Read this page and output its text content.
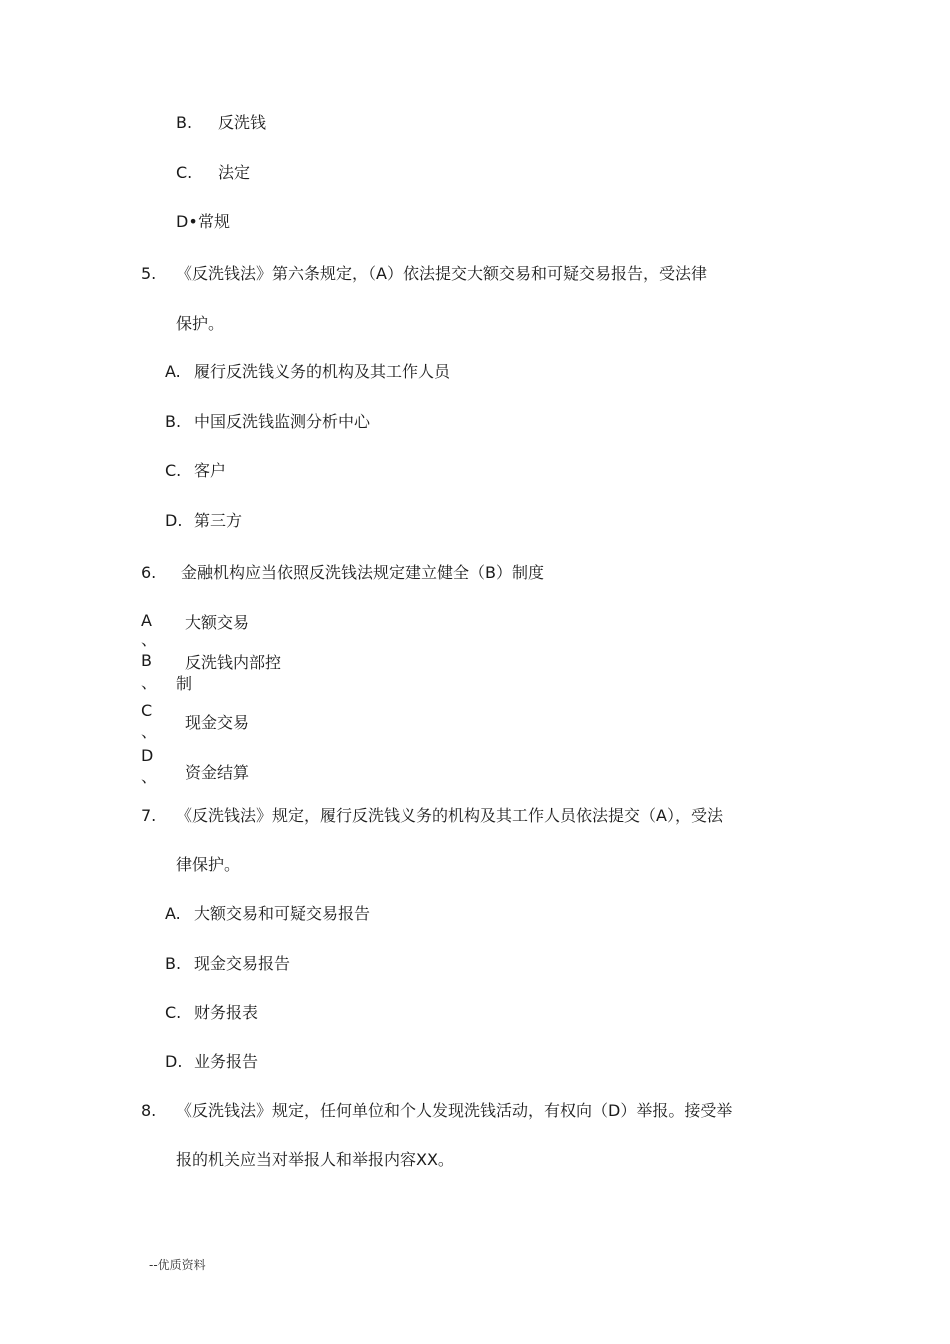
B. 反洗钱
C. 法定
D• 常规
5. 《反洗钱法》第六条规定，（A）依法提交大额交易和可疑交易报告，受法律
保护。
A. 履行反洗钱义务的机构及其工作人员
B. 中国反洗钱监测分析中心
C. 客户
D. 第三方
6. 金融机构应当依照反洗钱法规定建立健全（B）制度
A
、
大额交易
B
、
反洗钱内部控
制
C
、 现金交易
D
、 资金结算
7. 《反洗钱法》规定，履行反洗钱义务的机构及其工作人员依法提交（A），受法
律保护。
A. 大额交易和可疑交易报告
B. 现金交易报告
C. 财务报表
D. 业务报告
8. 《反洗钱法》规定，任何单位和个人发现洗钱活动，有权向（D）举报。接受举
报的机关应当对举报人和举报内容XX。
--优质资料
